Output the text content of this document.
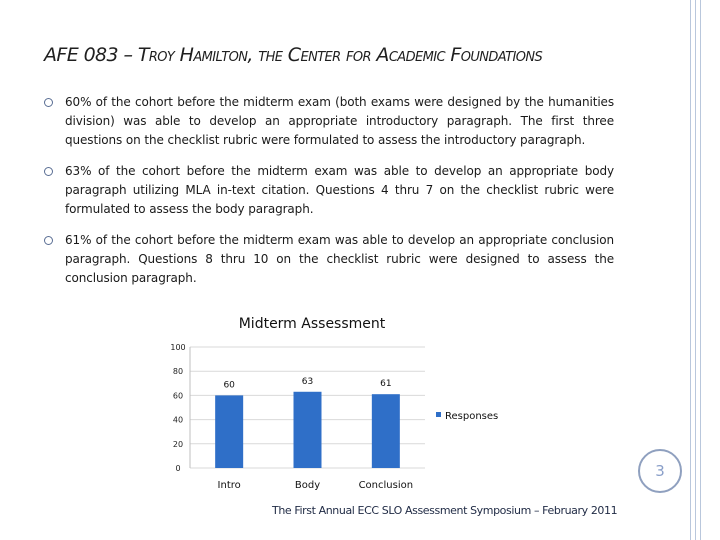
AFE 083 – Troy Hamilton, the Center for Academic Foundations
60% of the cohort before the midterm exam (both exams were designed by the humanities division) was able to develop an appropriate introductory paragraph. The first three questions on the checklist rubric were formulated to assess the introductory paragraph.
63% of the cohort before the midterm exam was able to develop an appropriate body paragraph utilizing MLA in-text citation. Questions 4 thru 7 on the checklist rubric were formulated to assess the body paragraph.
61% of the cohort before the midterm exam was able to develop an appropriate conclusion paragraph. Questions 8 thru 10 on the checklist rubric were designed to assess the conclusion paragraph.
Midterm Assessment
0
20
40
60
80
100
60
Intro
63
Body
61
Conclusion
Responses
3
The First Annual ECC SLO Assessment Symposium – February 2011
